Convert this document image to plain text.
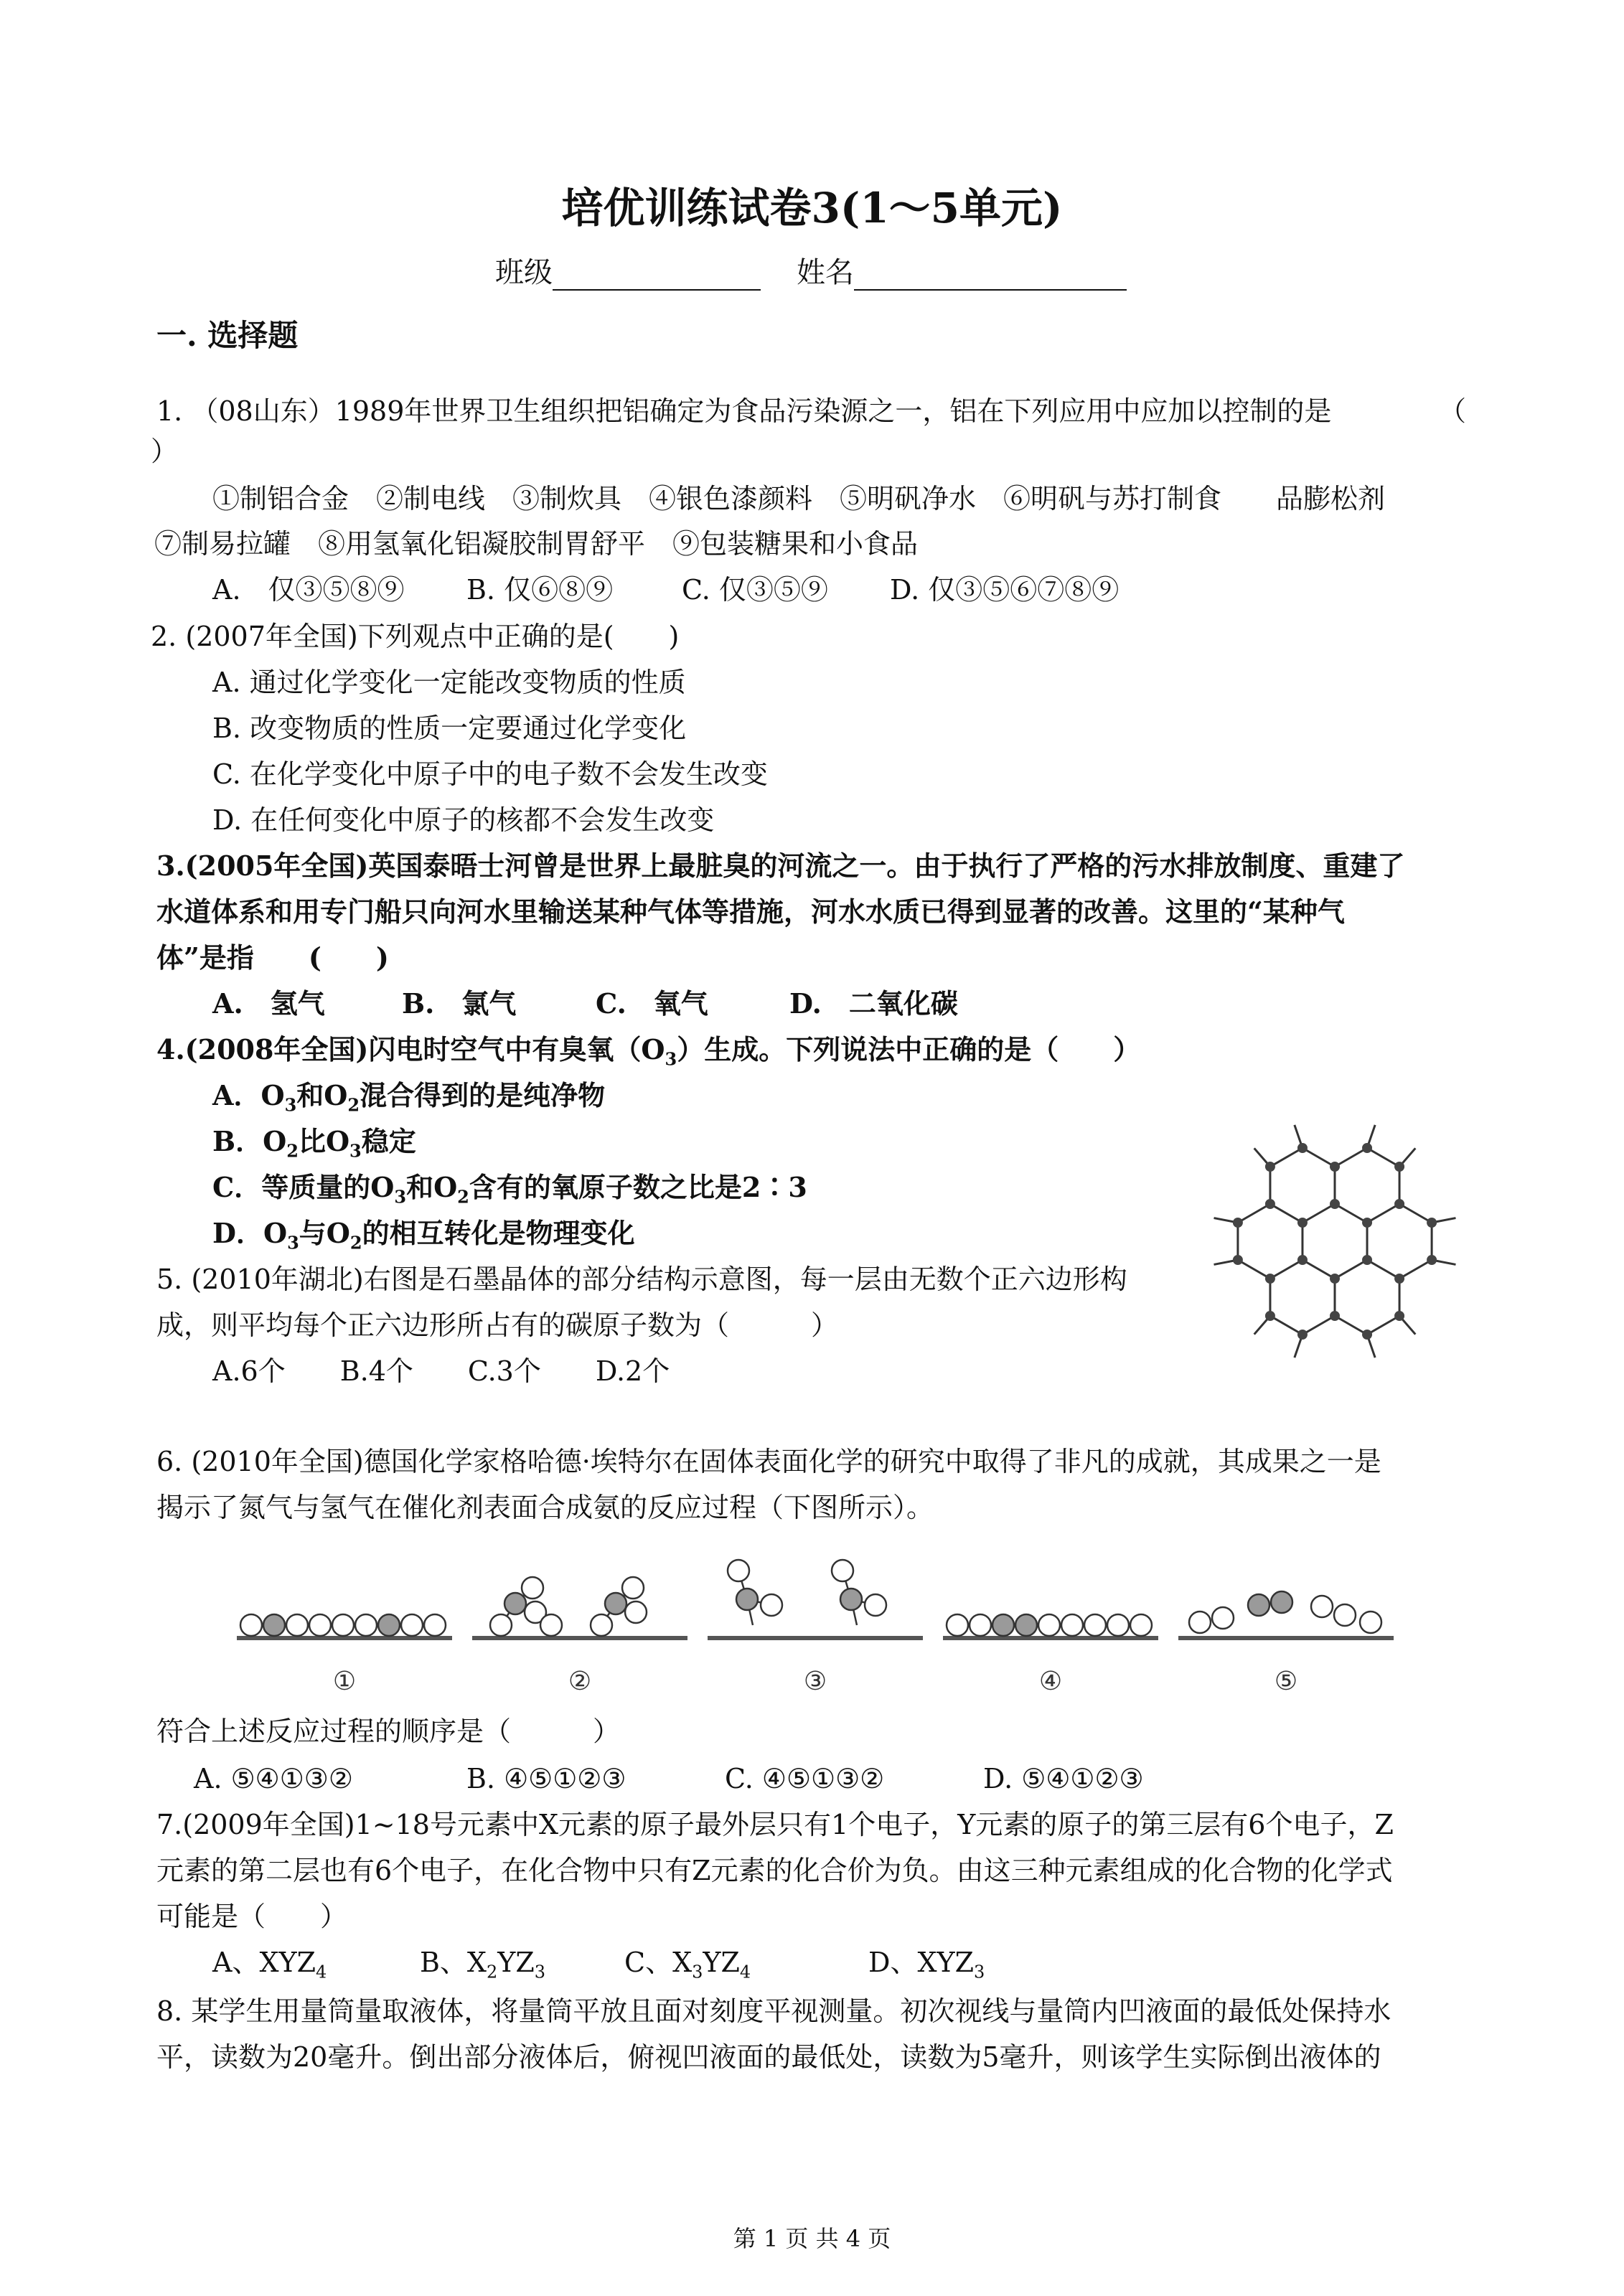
培优训练试卷3(1～5单元)
班级	姓名
一. 选择题
1. （08山东）1989年世界卫生组织把铝确定为食品污染源之一，铝在下列应用中应加以控制的是	（
）
①制铝合金　②制电线　③制炊具　④银色漆颜料　⑤明矾净水　⑥明矾与苏打制食　　品膨松剂
⑦制易拉罐　⑧用氢氧化铝凝胶制胃舒平　⑨包装糖果和小食品
A.　仅③⑤⑧⑨ B. 仅⑥⑧⑨	C. 仅③⑤⑨ D. 仅③⑤⑥⑦⑧⑨
2. (2007年全国)下列观点中正确的是(　　)
A. 通过化学变化一定能改变物质的性质
B. 改变物质的性质一定要通过化学变化
C. 在化学变化中原子中的电子数不会发生改变
D. 在任何变化中原子的核都不会发生改变
3.(2005年全国)英国泰晤士河曾是世界上最脏臭的河流之一。由于执行了严格的污水排放制度、重建了
水道体系和用专门船只向河水里输送某种气体等措施，河水水质已得到显著的改善。这里的“某种气
体”是指　　(　　)
A.　氢气	B.　氯气	C.　氧气	D.　二氧化碳
4.(2008年全国)闪电时空气中有臭氧$(O_3)$生成。下列说法中正确的是（　　）
A．$O_3$和$O_2$混合得到的是纯净物
B．$O_2$比$O_3$稳定
C．等质量的$O_3$和$O_2$含有的氧原子数之比是2∶3
D．$O_3$与$O_2$的相互转化是物理变化
5. (2010年湖北)右图是石墨晶体的部分结构示意图，每一层由无数个正六边形构
成，则平均每个正六边形所占有的碳原子数为（　　　）
A.6个　　B.4个　　C.3个　　D.2个
6. (2010年全国)德国化学家格哈德·埃特尔在固体表面化学的研究中取得了非凡的成就，其成果之一是
揭示了氮气与氢气在催化剂表面合成氨的反应过程（下图所示）。
①	②	③	④	⑤
符合上述反应过程的顺序是（　　　）
A. ⑤④①③②	B. ④⑤①②③	C. ④⑤①③②	D. ⑤④①②③
7.(2009年全国)1~18号元素中X元素的原子最外层只有1个电子，Y元素的原子的第三层有6个电子，Z
元素的第二层也有6个电子，在化合物中只有Z元素的化合价为负。由这三种元素组成的化合物的化学式
可能是（　　）
A、$XYZ_4$	B、$X_2YZ_3$	C、$X_3YZ_4$	D、$XYZ_3$
8. 某学生用量筒量取液体，将量筒平放且面对刻度平视测量。初次视线与量筒内凹液面的最低处保持水
平，读数为20毫升。倒出部分液体后，俯视凹液面的最低处，读数为5毫升，则该学生实际倒出液体的
第 1 页 共 4 页
